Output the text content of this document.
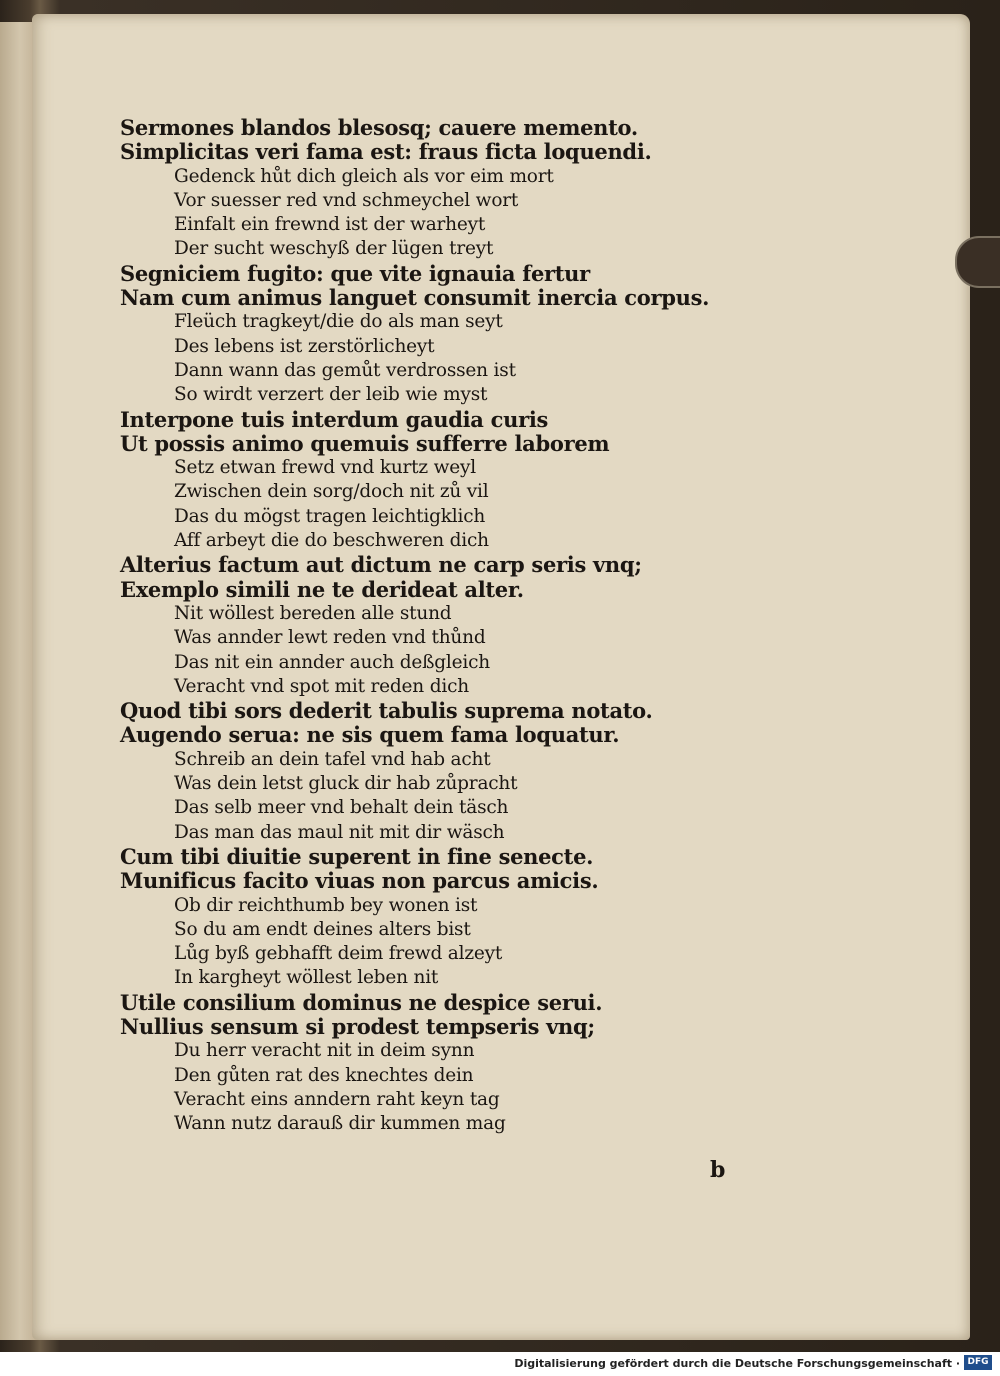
Sermones blandos blesosq; cauere memento.
Simplicitas veri fama est: fraus ficta loquendi.
Gedenck hůt dich gleich als vor eim mort
Vor suesser red vnd schmeychel wort
Einfalt ein frewnd ist der warheyt
Der sucht weschyß der lügen treyt
Segniciem fugito: que vite ignauia fertur
Nam cum animus languet consumit inercia corpus.
Fleüch tragkeyt/die do als man seyt
Des lebens ist zerstörlicheyt
Dann wann das gemůt verdrossen ist
So wirdt verzert der leib wie myst
Interpone tuis interdum gaudia curis
Ut possis animo quemuis sufferre laborem
Setz etwan frewd vnd kurtz weyl
Zwischen dein sorg/doch nit zů vil
Das du mögst tragen leichtigklich
Aff arbeyt die do beschweren dich
Alterius factum aut dictum ne carp seris vnq;
Exemplo simili ne te derideat alter.
Nit wöllest bereden alle stund
Was annder lewt reden vnd thůnd
Das nit ein annder auch deßgleich
Veracht vnd spot mit reden dich
Quod tibi sors dederit tabulis suprema notato.
Augendo serua: ne sis quem fama loquatur.
Schreib an dein tafel vnd hab acht
Was dein letst gluck dir hab zůpracht
Das selb meer vnd behalt dein täsch
Das man das maul nit mit dir wäsch
Cum tibi diuitie superent in fine senecte.
Munificus facito viuas non parcus amicis.
Ob dir reichthumb bey wonen ist
So du am endt deines alters bist
Lůg byß gebhafft deim frewd alzeyt
In kargheyt wöllest leben nit
Utile consilium dominus ne despice serui.
Nullius sensum si prodest tempseris vnq;
Du herr veracht nit in deim synn
Den gůten rat des knechtes dein
Veracht eins anndern raht keyn tag
Wann nutz darauß dir kummen mag
b
Digitalisierung gefördert durch die Deutsche Forschungsgemeinschaft · DFG
